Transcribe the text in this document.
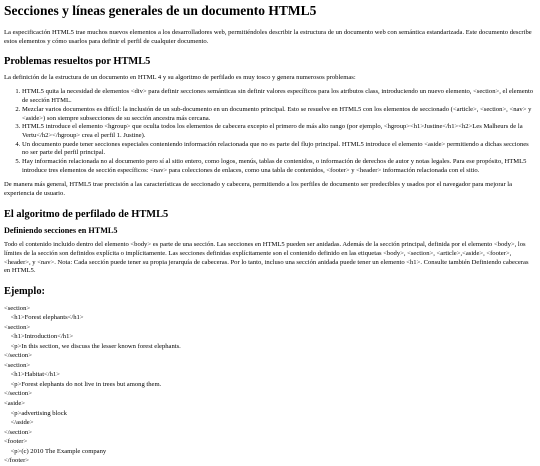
Secciones y líneas generales de un documento HTML5

La especificación HTML5 trae muchos nuevos elementos a los desarrolladores web, permitiéndoles describir la estructura de un documento web con semántica estandarizada. Este documento describe estos elementos y cómo usarlos para definir el perfil de cualquier documento.

Problemas resueltos por HTML5

La definición de la estructura de un documento en HTML 4 y su algoritmo de perfilado es muy tosco y genera numerosos problemas:

1. HTML5 quita la necesidad de elementos <div> para definir secciones semánticas sin definir valores específicos para los atributos class, introduciendo un nuevo elemento, <section>, el elemento de sección HTML.
2. Mezclar varios documentos es difícil: la inclusión de un sub-documento en un documento principal. Esto se resuelve en HTML5 con los elementos de seccionado (<article>, <section>, <nav> y <aside>) son siempre subsecciones de su sección ancestra más cercana.
3. HTML5 introduce el elemento <hgroup> que oculta todos los elementos de cabecera excepto el primero de más alto rango (por ejemplo, <hgroup><h1>Justine</h1><h2>Les Malheurs de la Vertu</h2></hgroup> crea el perfil 1. Justine).
4. Un documento puede tener secciones especiales conteniendo información relacionada que no es parte del flujo principal. HTML5 introduce el elemento <aside> permitiendo a dichas secciones no ser parte del perfil principal.
5. Hay información relacionada no al documento pero sí al sitio entero, como logos, menús, tablas de contenidos, o información de derechos de autor y notas legales. Para ese propósito, HTML5 introduce tres elementos de sección específicos: <nav> para colecciones de enlaces, como una tabla de contenidos, <footer> y <header> información relacionada con el sitio.

De manera más general, HTML5 trae precisión a las características de seccionado y cabecera, permitiendo a los perfiles de documento ser predecibles y usados por el navegador para mejorar la experiencia de usuario.

El algoritmo de perfilado de HTML5
Definiendo secciones en HTML5

Todo el contenido incluido dentro del elemento <body> es parte de una sección. Las secciones en HTML5 pueden ser anidadas. Además de la sección principal, definida por el elemento <body>, los límites de la sección son definidos explícita o implícitamente. Las secciones definidas explícitamente son el contenido definido en las etiquetas <body>, <section>, <article>,<aside>, <footer>, <header>, y <nav>. Nota: Cada sección puede tener su propia jerarquía de cabeceras. Por lo tanto, incluso una sección anidada puede tener un elemento <h1>. Consulte también Definiendo cabeceras en HTML5.

Ejemplo:
<section>
<h1>Forest elephants</h1>
<section>
<h1>Introduction</h1>
<p>In this section, we discuss the lesser known forest elephants.
</section>
<section>
<h1>Habitat</h1>
<p>Forest elephants do not live in trees but among them.
</section>
<aside>
<p>advertising block
</aside>
</section>
<footer>
<p>(c) 2010 The Example company
</footer>
